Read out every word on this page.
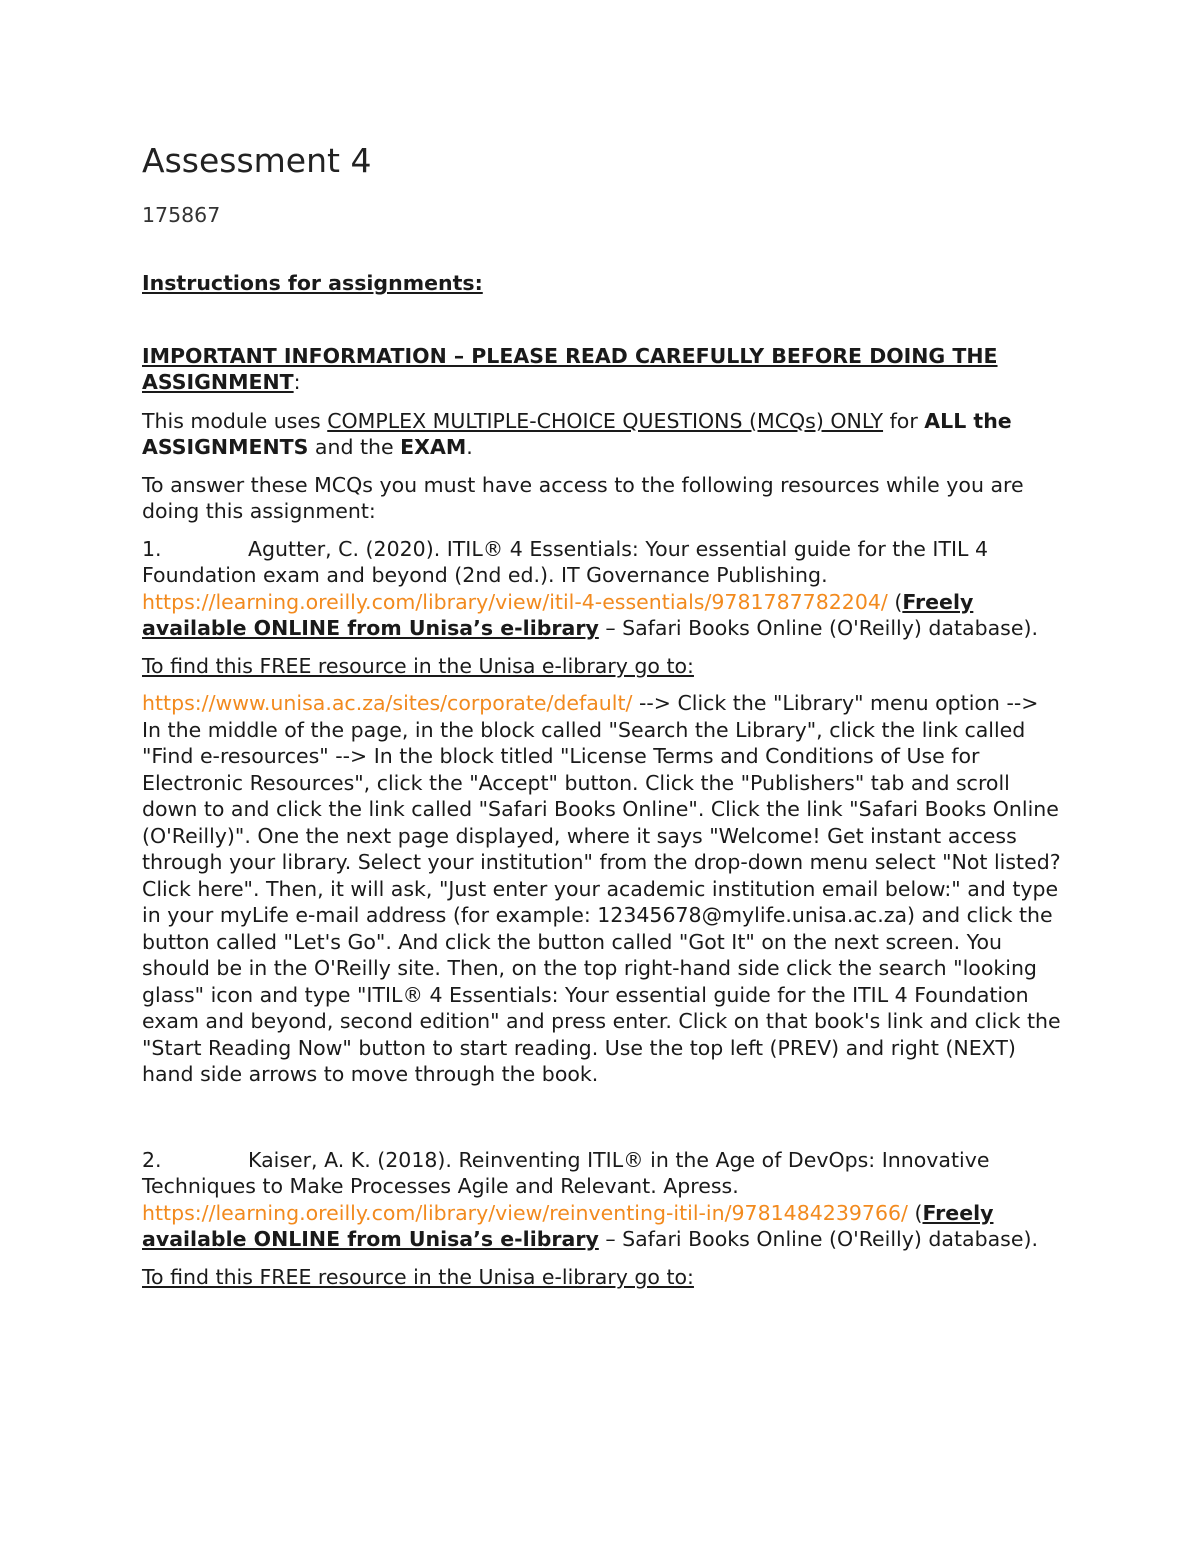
Assessment 4
175867
Instructions for assignments:

IMPORTANT INFORMATION – PLEASE READ CAREFULLY BEFORE DOING THE ASSIGNMENT:

This module uses COMPLEX MULTIPLE-CHOICE QUESTIONS (MCQs) ONLY for ALL the ASSIGNMENTS and the EXAM.

To answer these MCQs you must have access to the following resources while you are doing this assignment:

1.	Agutter, C. (2020). ITIL® 4 Essentials: Your essential guide for the ITIL 4 Foundation exam and beyond (2nd ed.). IT Governance Publishing. https://learning.oreilly.com/library/view/itil-4-essentials/9781787782204/ (Freely available ONLINE from Unisa’s e-library – Safari Books Online (O'Reilly) database).

To find this FREE resource in the Unisa e-library go to:

https://www.unisa.ac.za/sites/corporate/default/ --> Click the "Library" menu option --> In the middle of the page, in the block called "Search the Library", click the link called "Find e-resources" --> In the block titled "License Terms and Conditions of Use for Electronic Resources", click the "Accept" button. Click the "Publishers" tab and scroll down to and click the link called "Safari Books Online". Click the link "Safari Books Online (O'Reilly)". One the next page displayed, where it says "Welcome! Get instant access through your library. Select your institution" from the drop-down menu select "Not listed? Click here". Then, it will ask, "Just enter your academic institution email below:" and type in your myLife e-mail address (for example: 12345678@mylife.unisa.ac.za) and click the button called "Let's Go". And click the button called "Got It" on the next screen. You should be in the O'Reilly site. Then, on the top right-hand side click the search "looking glass" icon and type "ITIL® 4 Essentials: Your essential guide for the ITIL 4 Foundation exam and beyond, second edition" and press enter. Click on that book's link and click the "Start Reading Now" button to start reading. Use the top left (PREV) and right (NEXT) hand side arrows to move through the book.

2.	Kaiser, A. K. (2018). Reinventing ITIL® in the Age of DevOps: Innovative Techniques to Make Processes Agile and Relevant. Apress. https://learning.oreilly.com/library/view/reinventing-itil-in/9781484239766/ (Freely available ONLINE from Unisa’s e-library – Safari Books Online (O'Reilly) database).

To find this FREE resource in the Unisa e-library go to:
